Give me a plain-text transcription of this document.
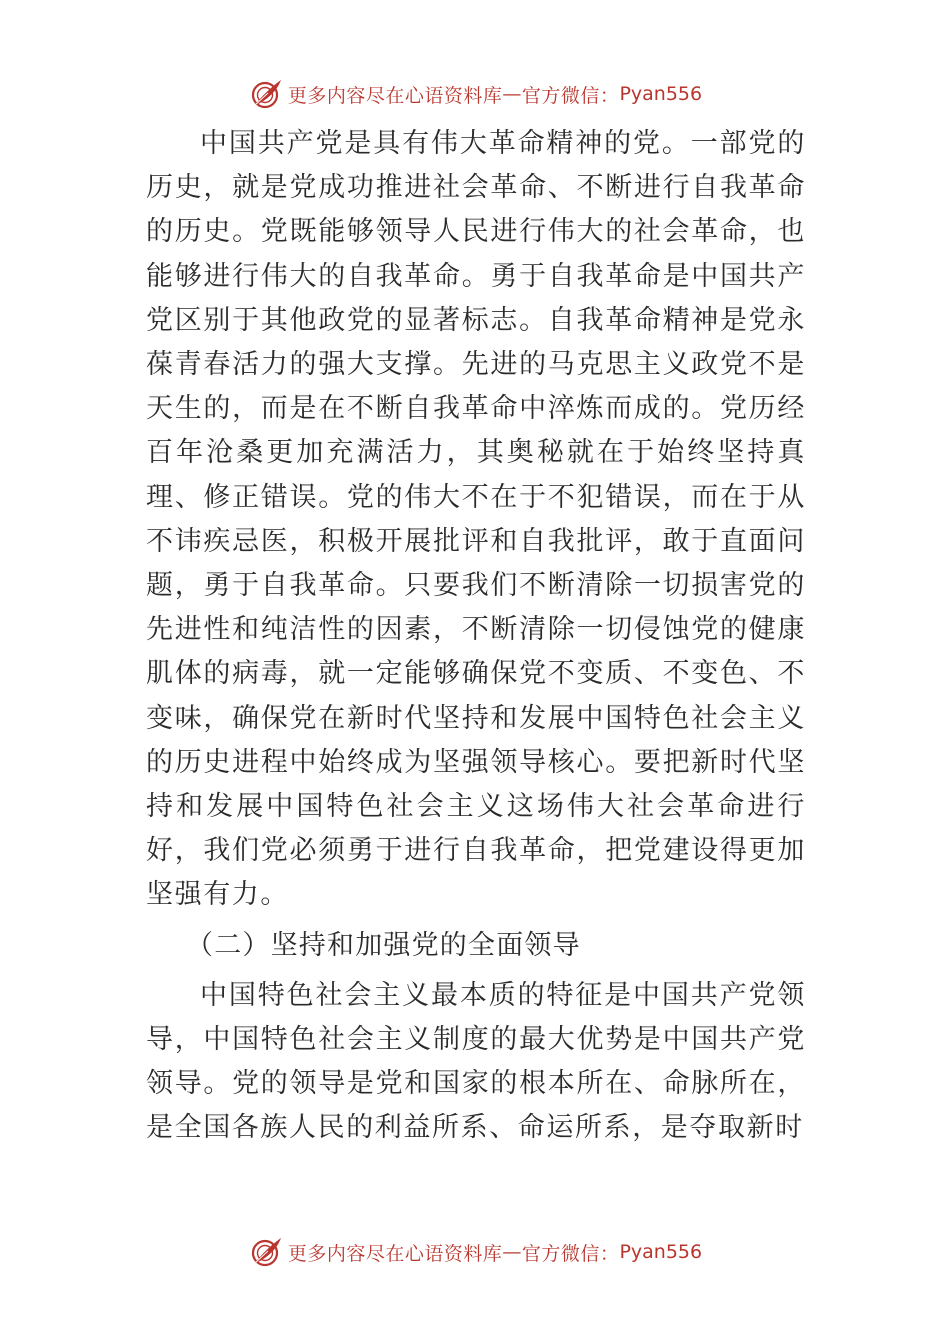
更多内容尽在心语资料库 — 官方微信： Pyan556

中国共产党是具有伟大革命精神的党。一部党的历史，就是党成功推进社会革命、不断进行自我革命的历史。党既能够领导人民进行伟大的社会革命，也能够进行伟大的自我革命。勇于自我革命是中国共产党区别于其他政党的显著标志。自我革命精神是党永葆青春活力的强大支撑。先进的马克思主义政党不是天生的，而是在不断自我革命中淬炼而成的。党历经百年沧桑更加充满活力，其奥秘就在于始终坚持真理、修正错误。党的伟大不在于不犯错误，而在于从不讳疾忌医，积极开展批评和自我批评，敢于直面问题，勇于自我革命。只要我们不断清除一切损害党的先进性和纯洁性的因素，不断清除一切侵蚀党的健康肌体的病毒，就一定能够确保党不变质、不变色、不变味，确保党在新时代坚持和发展中国特色社会主义的历史进程中始终成为坚强领导核心。要把新时代坚持和发展中国特色社会主义这场伟大社会革命进行好，我们党必须勇于进行自我革命，把党建设得更加坚强有力。

（二）坚持和加强党的全面领导

中国特色社会主义最本质的特征是中国共产党领导，中国特色社会主义制度的最大优势是中国共产党领导。党的领导是党和国家的根本所在、命脉所在，是全国各族人民的利益所系、命运所系，是夺取新时

更多内容尽在心语资料库 — 官方微信： Pyan556
